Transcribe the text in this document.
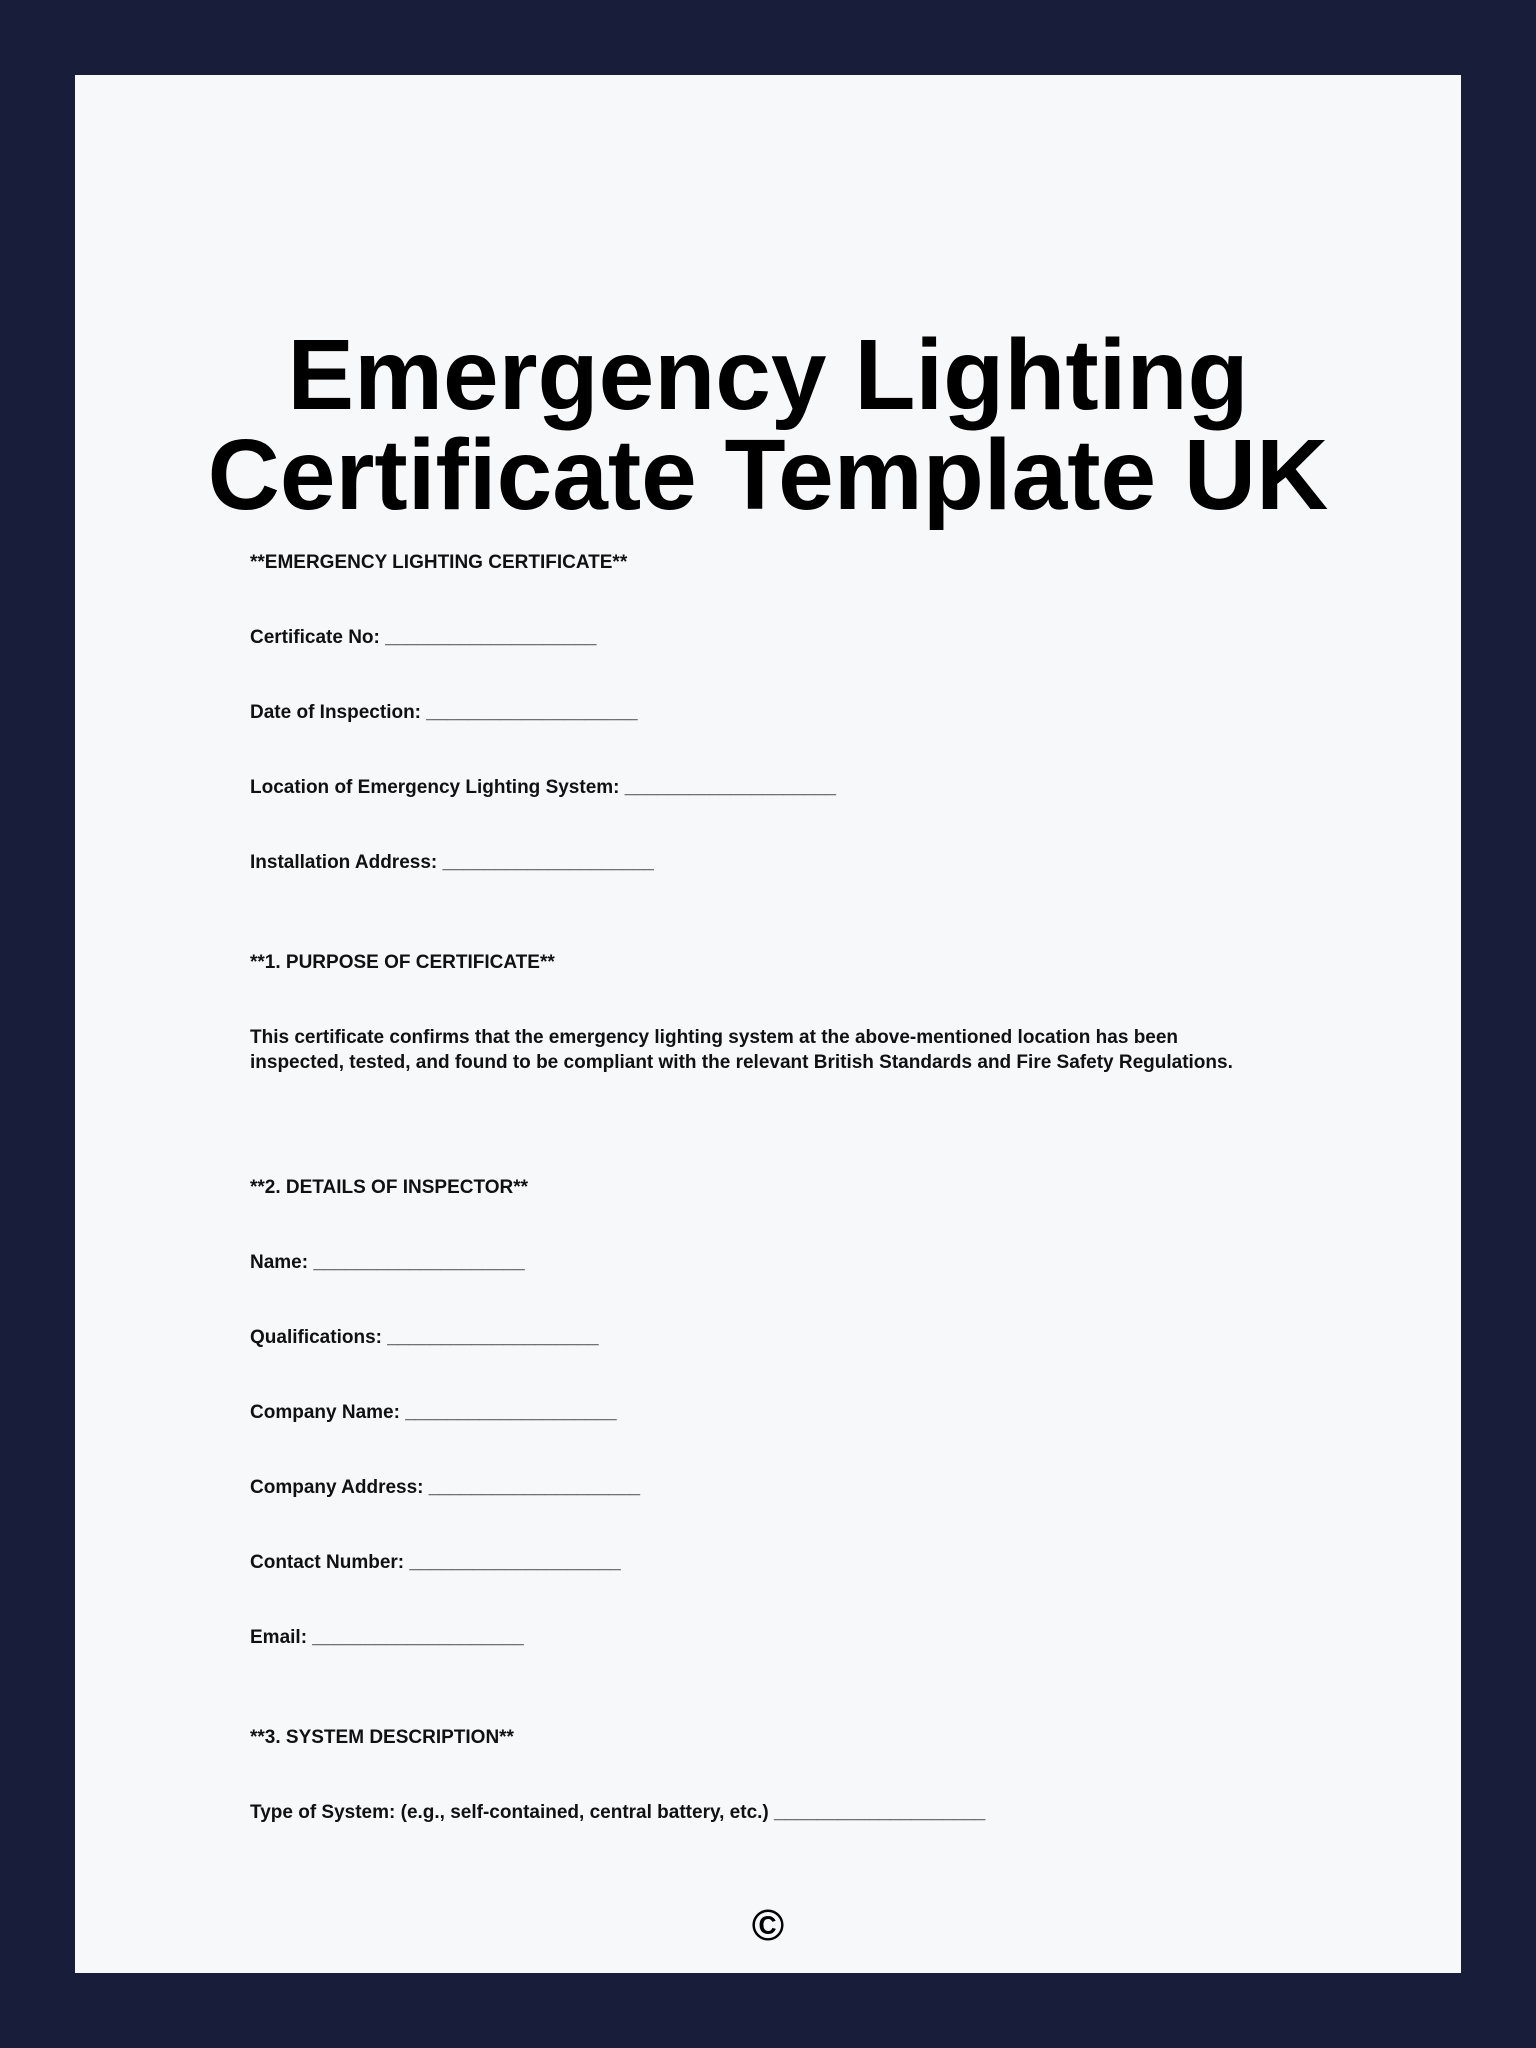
Emergency Lighting
Certificate Template UK
**EMERGENCY LIGHTING CERTIFICATE**
Certificate No: ____________________
Date of Inspection: ____________________
Location of Emergency Lighting System: ____________________
Installation Address: ____________________
**1. PURPOSE OF CERTIFICATE**

This certificate confirms that the emergency lighting system at the above-mentioned location has been inspected, tested, and found to be compliant with the relevant British Standards and Fire Safety Regulations.

**2. DETAILS OF INSPECTOR**
Name: ____________________
Qualifications: ____________________
Company Name: ____________________
Company Address: ____________________
Contact Number: ____________________
Email: ____________________
**3. SYSTEM DESCRIPTION**
Type of System: (e.g., self-contained, central battery, etc.) ____________________
©
